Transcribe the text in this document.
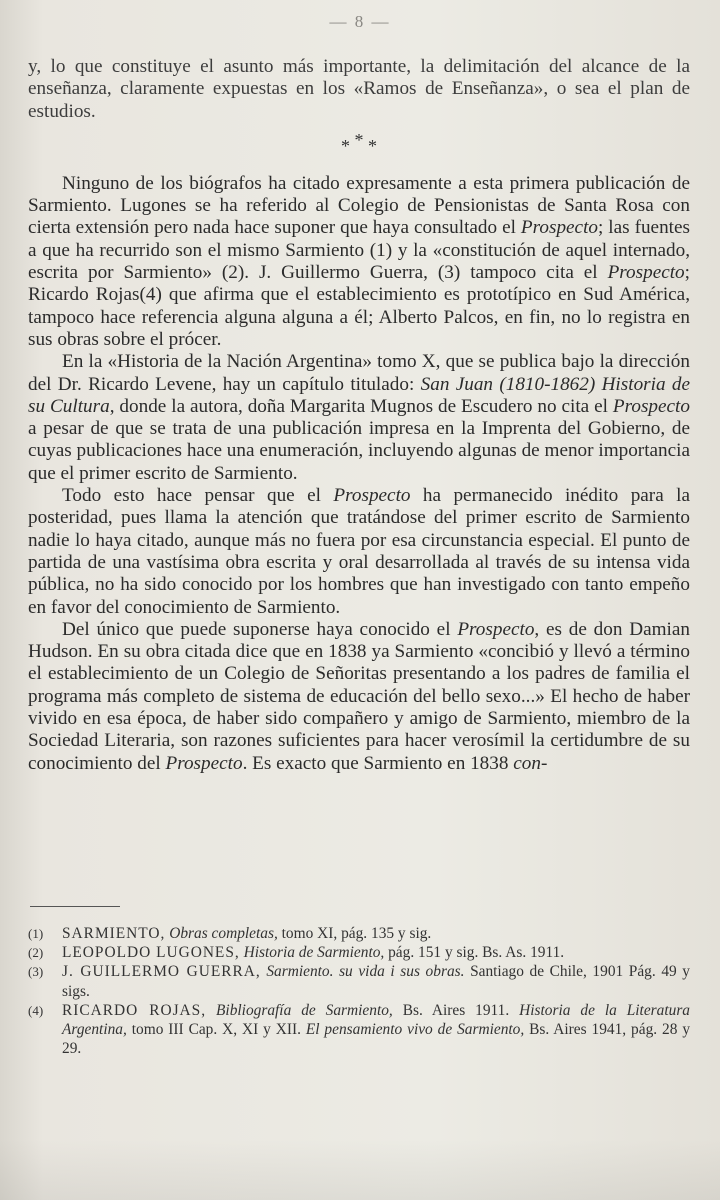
— 8 —

y, lo que constituye el asunto más importante, la delimitación del alcance de la enseñanza, claramente expuestas en los «Ramos de Enseñanza», o sea el plan de estudios.

* * *

Ninguno de los biógrafos ha citado expresamente a esta primera publicación de Sarmiento. Lugones se ha referido al Colegio de Pensionistas de Santa Rosa con cierta extensión pero nada hace suponer que haya consultado el Prospecto; las fuentes a que ha recurrido son el mismo Sarmiento (1) y la «constitución de aquel internado, escrita por Sarmiento» (2). J. Guillermo Guerra, (3) tampoco cita el Prospecto; Ricardo Rojas(4) que afirma que el establecimiento es prototípico en Sud América, tampoco hace referencia alguna alguna a él; Alberto Palcos, en fin, no lo registra en sus obras sobre el prócer.

En la «Historia de la Nación Argentina» tomo X, que se publica bajo la dirección del Dr. Ricardo Levene, hay un capítulo titulado: San Juan (1810-1862) Historia de su Cultura, donde la autora, doña Margarita Mugnos de Escudero no cita el Prospecto a pesar de que se trata de una publicación impresa en la Imprenta del Gobierno, de cuyas publicaciones hace una enumeración, incluyendo algunas de menor importancia que el primer escrito de Sarmiento.

Todo esto hace pensar que el Prospecto ha permanecido inédito para la posteridad, pues llama la atención que tratándose del primer escrito de Sarmiento nadie lo haya citado, aunque más no fuera por esa circunstancia especial. El punto de partida de una vastísima obra escrita y oral desarrollada al través de su intensa vida pública, no ha sido conocido por los hombres que han investigado con tanto empeño en favor del conocimiento de Sarmiento.

Del único que puede suponerse haya conocido el Prospecto, es de don Damian Hudson. En su obra citada dice que en 1838 ya Sarmiento «concibió y llevó a término el establecimiento de un Colegio de Señoritas presentando a los padres de familia el programa más completo de sistema de educación del bello sexo...» El hecho de haber vivido en esa época, de haber sido compañero y amigo de Sarmiento, miembro de la Sociedad Literaria, son razones suficientes para hacer verosímil la certidumbre de su conocimiento del Prospecto. Es exacto que Sarmiento en 1838 con-

(1) SARMIENTO, Obras completas, tomo XI, pág. 135 y sig.
(2) LEOPOLDO LUGONES, Historia de Sarmiento, pág. 151 y sig. Bs. As. 1911.
(3) J. GUILLERMO GUERRA, Sarmiento. su vida i sus obras. Santiago de Chile, 1901 Pág. 49 y sigs.
(4) RICARDO ROJAS, Bibliografía de Sarmiento, Bs. Aires 1911. Historia de la Literatura Argentina, tomo III Cap. X, XI y XII. El pensamiento vivo de Sarmiento, Bs. Aires 1941, pág. 28 y 29.
